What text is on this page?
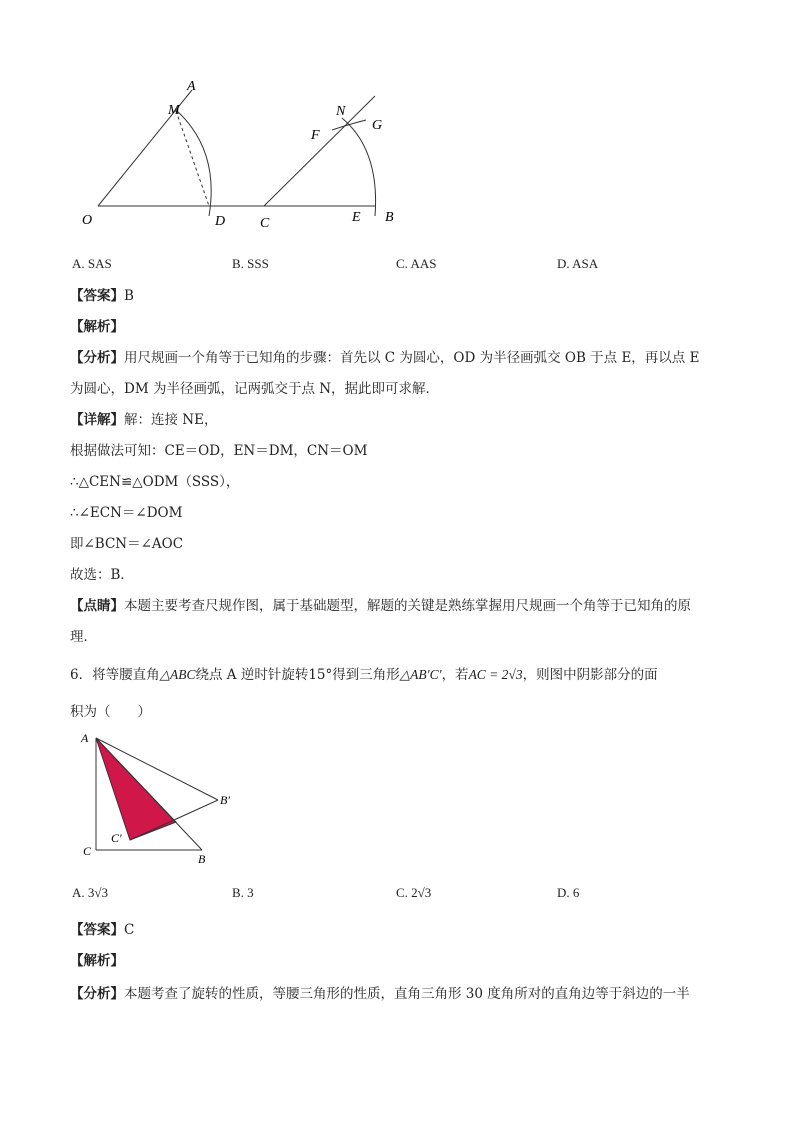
A
M
O	D C	E B
N
F
G
A. SAS	B. SSS	C. AAS	D. ASA
【答案】B
【解析】
【分析】用尺规画一个角等于已知角的步骤：首先以 C 为圆心，OD 为半径画弧交 OB 于点 E，再以点 E
为圆心，DM 为半径画弧，记两弧交于点 N，据此即可求解．
【详解】解：连接 NE，
根据做法可知：CE＝OD，EN＝DM，CN＝OM
∴△CEN≌△ODM（SSS），
∴∠ECN＝∠DOM
即∠BCN＝∠AOC
故选：B．
【点睛】本题主要考查尺规作图，属于基础题型，解题的关键是熟练掌握用尺规画一个角等于已知角的原
理．
6．将等腰直角△ABC绕点 A 逆时针旋转15°得到三角形△AB′C′，若AC = 2√3，则图中阴影部分的面
积为（　　）
A
B′
C′
C
B
A. 3√3	B. 3	C. 2√3	D. 6
【答案】C
【解析】
【分析】本题考查了旋转的性质，等腰三角形的性质，直角三角形 30 度角所对的直角边等于斜边的一半
